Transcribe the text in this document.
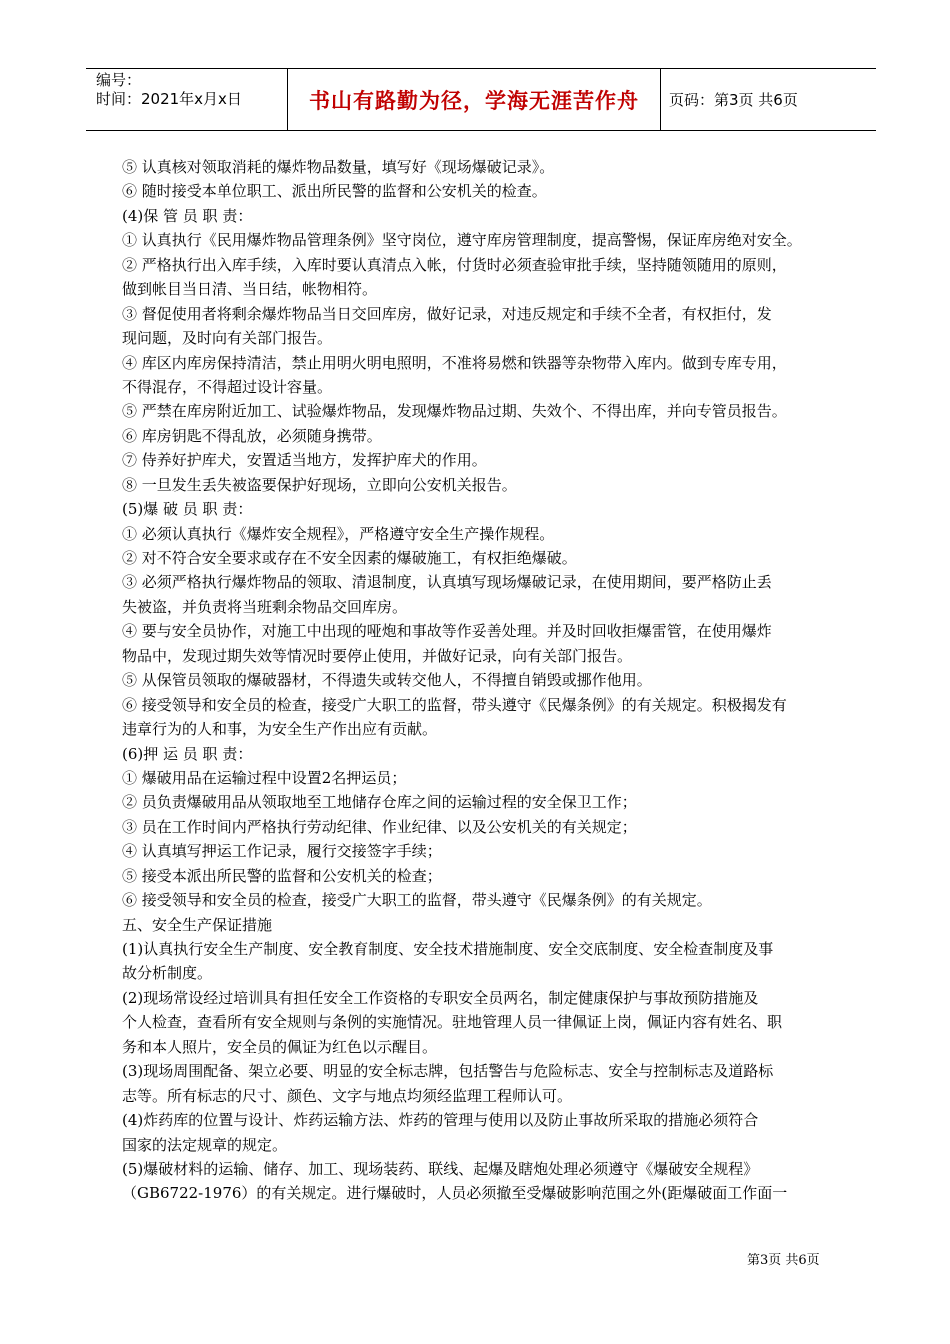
编号：
时间：2021年x月x日	书山有路勤为径，学海无涯苦作舟	页码：第3页 共6页
⑤ 认真核对领取消耗的爆炸物品数量，填写好《现场爆破记录》。
⑥ 随时接受本单位职工、派出所民警的监督和公安机关的检查。
(4)保 管 员 职 责：
① 认真执行《民用爆炸物品管理条例》坚守岗位，遵守库房管理制度，提高警惕，保证库房绝对安全。
② 严格执行出入库手续，入库时要认真清点入帐，付货时必须查验审批手续，坚持随领随用的原则，
做到帐目当日清、当日结，帐物相符。
③ 督促使用者将剩余爆炸物品当日交回库房，做好记录，对违反规定和手续不全者，有权拒付，发
现问题，及时向有关部门报告。
④ 库区内库房保持清洁，禁止用明火明电照明，不准将易燃和铁器等杂物带入库内。做到专库专用，
不得混存，不得超过设计容量。
⑤ 严禁在库房附近加工、试验爆炸物品，发现爆炸物品过期、失效个、不得出库，并向专管员报告。
⑥ 库房钥匙不得乱放，必须随身携带。
⑦ 侍养好护库犬，安置适当地方，发挥护库犬的作用。
⑧ 一旦发生丢失被盗要保护好现场，立即向公安机关报告。
(5)爆 破 员 职 责：
① 必须认真执行《爆炸安全规程》，严格遵守安全生产操作规程。
② 对不符合安全要求或存在不安全因素的爆破施工，有权拒绝爆破。
③ 必须严格执行爆炸物品的领取、清退制度，认真填写现场爆破记录，在使用期间，要严格防止丢
失被盗，并负责将当班剩余物品交回库房。
④ 要与安全员协作，对施工中出现的哑炮和事故等作妥善处理。并及时回收拒爆雷管，在使用爆炸
物品中，发现过期失效等情况时要停止使用，并做好记录，向有关部门报告。
⑤ 从保管员领取的爆破器材，不得遗失或转交他人，不得擅自销毁或挪作他用。
⑥ 接受领导和安全员的检查，接受广大职工的监督，带头遵守《民爆条例》的有关规定。积极揭发有
违章行为的人和事，为安全生产作出应有贡献。
(6)押 运 员 职 责：
① 爆破用品在运输过程中设置2名押运员；
② 员负责爆破用品从领取地至工地储存仓库之间的运输过程的安全保卫工作；
③ 员在工作时间内严格执行劳动纪律、作业纪律、以及公安机关的有关规定；
④ 认真填写押运工作记录，履行交接签字手续；
⑤ 接受本派出所民警的监督和公安机关的检查；
⑥ 接受领导和安全员的检查，接受广大职工的监督，带头遵守《民爆条例》的有关规定。
五、安全生产保证措施
(1)认真执行安全生产制度、安全教育制度、安全技术措施制度、安全交底制度、安全检查制度及事
故分析制度。
(2)现场常设经过培训具有担任安全工作资格的专职安全员两名，制定健康保护与事故预防措施及
个人检查，查看所有安全规则与条例的实施情况。驻地管理人员一律佩证上岗，佩证内容有姓名、职
务和本人照片，安全员的佩证为红色以示醒目。
(3)现场周围配备、架立必要、明显的安全标志牌，包括警告与危险标志、安全与控制标志及道路标
志等。所有标志的尺寸、颜色、文字与地点均须经监理工程师认可。
(4)炸药库的位置与设计、炸药运输方法、炸药的管理与使用以及防止事故所采取的措施必须符合
国家的法定规章的规定。
(5)爆破材料的运输、储存、加工、现场装药、联线、起爆及瞎炮处理必须遵守《爆破安全规程》
（GB6722-1976）的有关规定。进行爆破时，人员必须撤至受爆破影响范围之外(距爆破面工作面一
第3页 共6页
